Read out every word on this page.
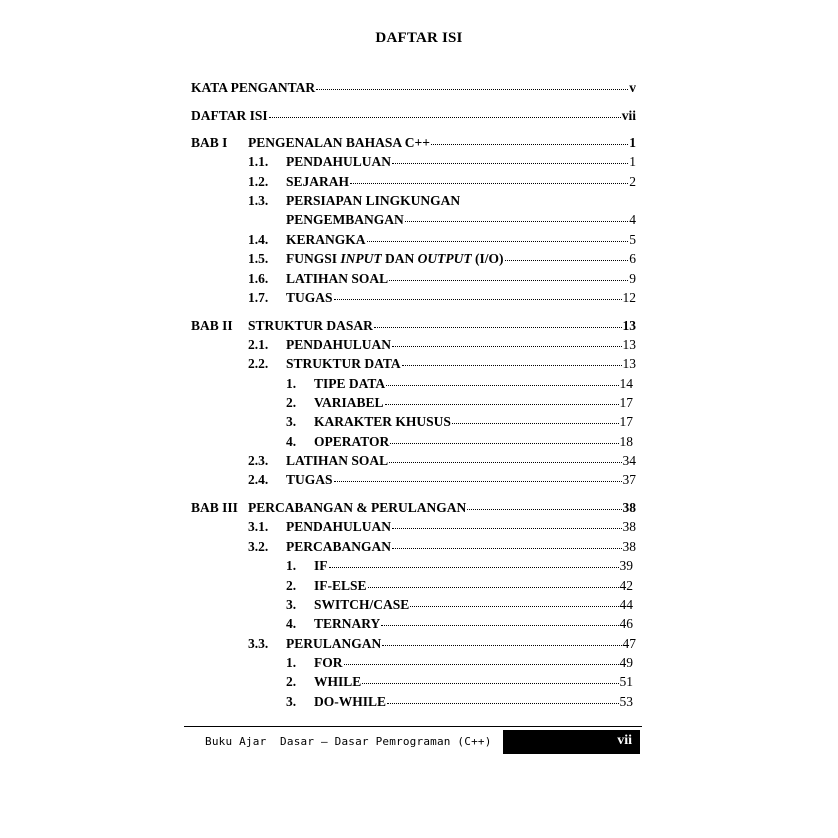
DAFTAR ISI
KATA PENGANTAR	v
DAFTAR ISI	vii
BAB I PENGENALAN BAHASA C++	1
1.1. PENDAHULUAN	1
1.2. SEJARAH	2
1.3. PERSIAPAN LINGKUNGAN
PENGEMBANGAN	4
1.4. KERANGKA	5
1.5. FUNGSI INPUT DAN OUTPUT (I/O)	6
1.6. LATIHAN SOAL	9
1.7. TUGAS	12
BAB II STRUKTUR DASAR	13
2.1. PENDAHULUAN	13
2.2. STRUKTUR DATA	13
1. TIPE DATA	14
2. VARIABEL	17
3. KARAKTER KHUSUS	17
4. OPERATOR	18
2.3. LATIHAN SOAL	34
2.4. TUGAS	37
BAB III PERCABANGAN & PERULANGAN	38
3.1. PENDAHULUAN	38
3.2. PERCABANGAN	38
1. IF	39
2. IF-ELSE	42
3. SWITCH/CASE	44
4. TERNARY	46
3.3. PERULANGAN	47
1. FOR	49
2. WHILE	51
3. DO-WHILE	53
Buku Ajar  Dasar – Dasar Pemrograman (C++)	vii
